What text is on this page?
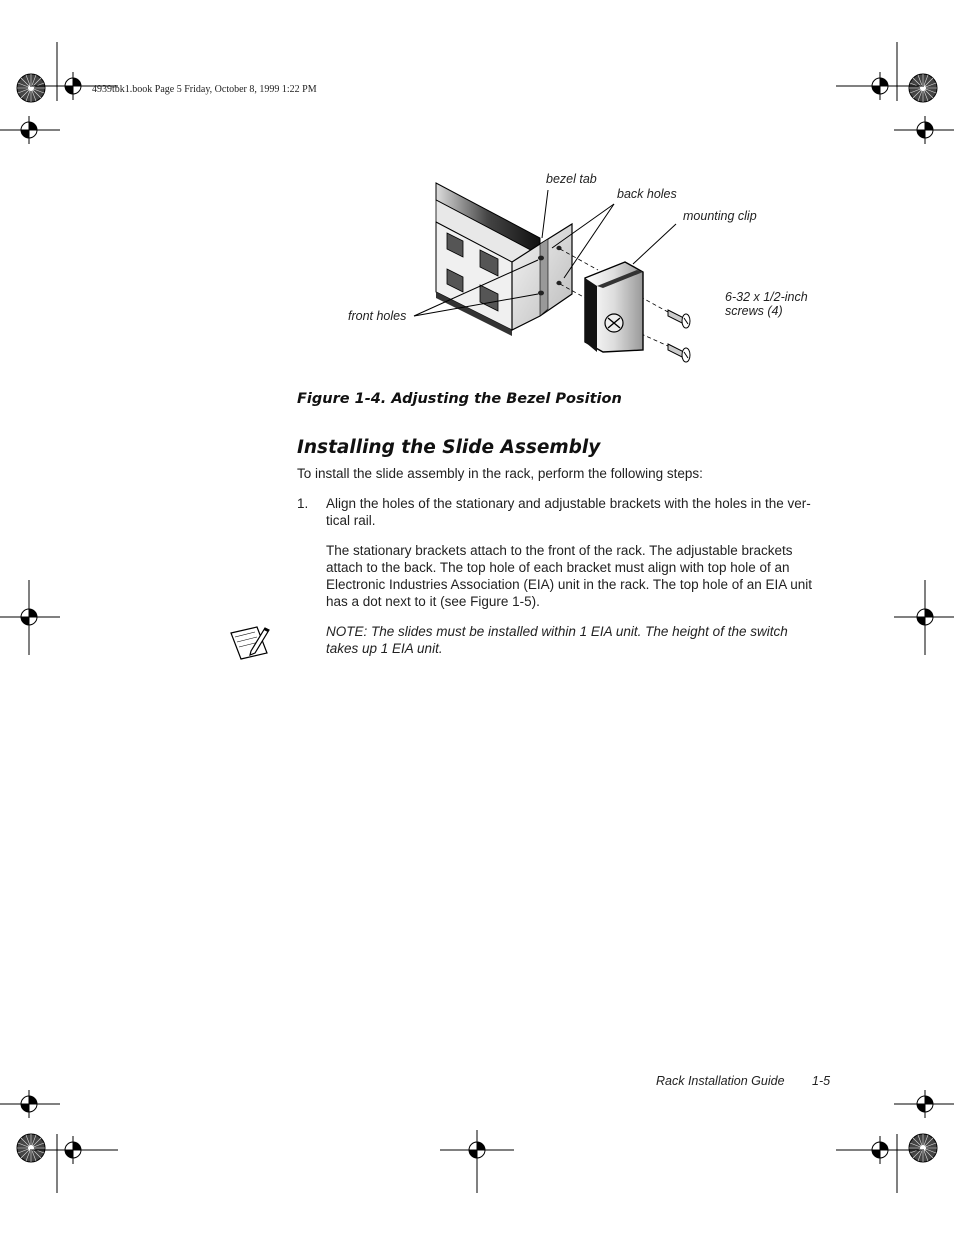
4939tbk1.book Page 5 Friday, October 8, 1999 1:22 PM
bezel tab
back holes
mounting clip
6-32 x 1/2-inch
screws (4)
front holes
Figure 1-4. Adjusting the Bezel Position
Installing the Slide Assembly
To install the slide assembly in the rack, perform the following steps:
1. Align the holes of the stationary and adjustable brackets with the holes in the ver-
tical rail.
The stationary brackets attach to the front of the rack. The adjustable brackets
attach to the back. The top hole of each bracket must align with top hole of an
Electronic Industries Association (EIA) unit in the rack. The top hole of an EIA unit
has a dot next to it (see Figure 1-5).
NOTE: The slides must be installed within 1 EIA unit. The height of the switch
takes up 1 EIA unit.
Rack Installation Guide 1-5
